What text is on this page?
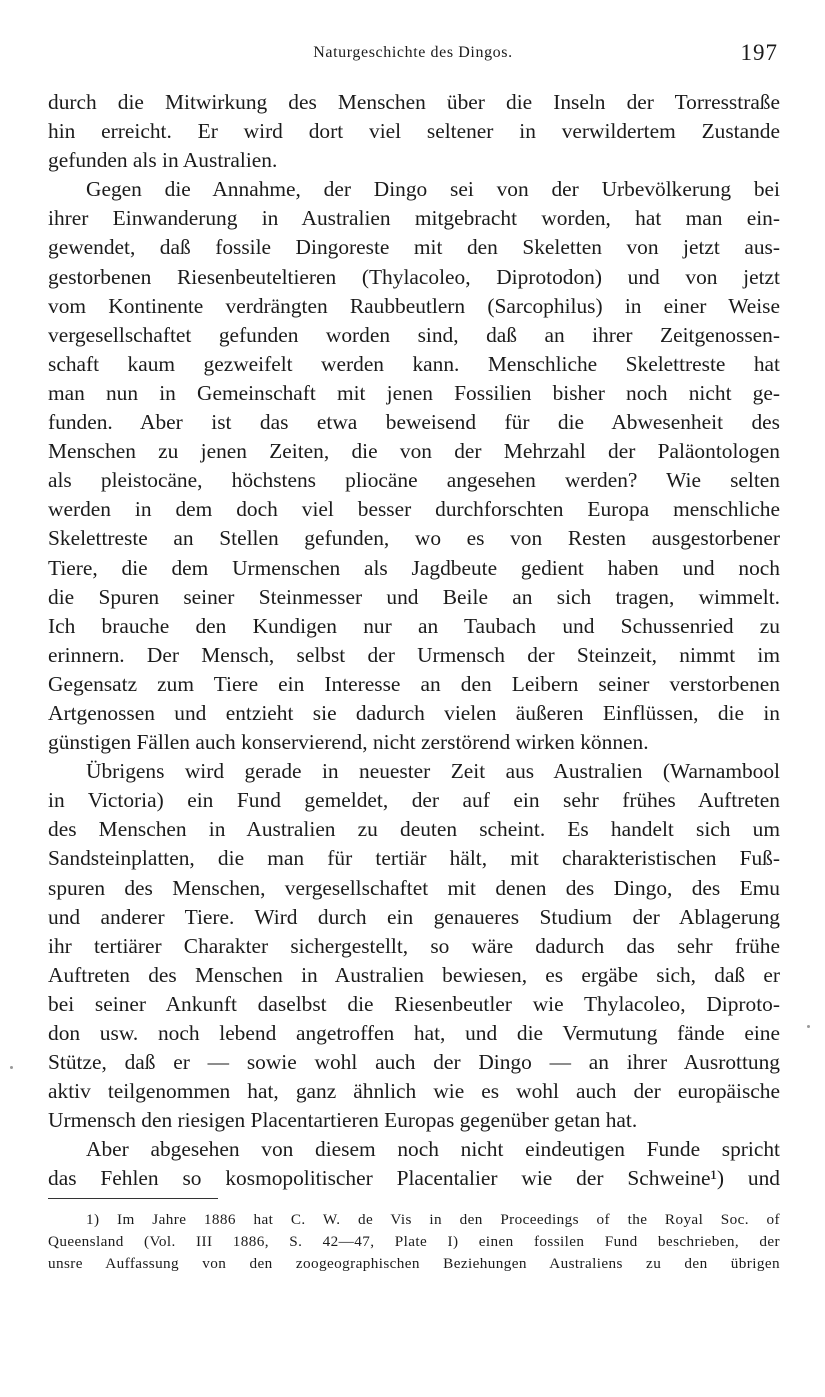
Naturgeschichte des Dingos.	197
durch die Mitwirkung des Menschen über die Inseln der Torresstraße
hin erreicht. Er wird dort viel seltener in verwildertem Zustande
gefunden als in Australien.
Gegen die Annahme, der Dingo sei von der Urbevölkerung bei
ihrer Einwanderung in Australien mitgebracht worden, hat man ein-
gewendet, daß fossile Dingoreste mit den Skeletten von jetzt aus-
gestorbenen Riesenbeuteltieren (Thylacoleo, Diprotodon) und von jetzt
vom Kontinente verdrängten Raubbeutlern (Sarcophilus) in einer Weise
vergesellschaftet gefunden worden sind, daß an ihrer Zeitgenossen-
schaft kaum gezweifelt werden kann. Menschliche Skelettreste hat
man nun in Gemeinschaft mit jenen Fossilien bisher noch nicht ge-
funden. Aber ist das etwa beweisend für die Abwesenheit des
Menschen zu jenen Zeiten, die von der Mehrzahl der Paläontologen
als pleistocäne, höchstens pliocäne angesehen werden? Wie selten
werden in dem doch viel besser durchforschten Europa menschliche
Skelettreste an Stellen gefunden, wo es von Resten ausgestorbener
Tiere, die dem Urmenschen als Jagdbeute gedient haben und noch
die Spuren seiner Steinmesser und Beile an sich tragen, wimmelt.
Ich brauche den Kundigen nur an Taubach und Schussenried zu
erinnern. Der Mensch, selbst der Urmensch der Steinzeit, nimmt im
Gegensatz zum Tiere ein Interesse an den Leibern seiner verstorbenen
Artgenossen und entzieht sie dadurch vielen äußeren Einflüssen, die in
günstigen Fällen auch konservierend, nicht zerstörend wirken können.
Übrigens wird gerade in neuester Zeit aus Australien (Warnambool
in Victoria) ein Fund gemeldet, der auf ein sehr frühes Auftreten
des Menschen in Australien zu deuten scheint. Es handelt sich um
Sandsteinplatten, die man für tertiär hält, mit charakteristischen Fuß-
spuren des Menschen, vergesellschaftet mit denen des Dingo, des Emu
und anderer Tiere. Wird durch ein genaueres Studium der Ablagerung
ihr tertiärer Charakter sichergestellt, so wäre dadurch das sehr frühe
Auftreten des Menschen in Australien bewiesen, es ergäbe sich, daß er
bei seiner Ankunft daselbst die Riesenbeutler wie Thylacoleo, Diproto-
don usw. noch lebend angetroffen hat, und die Vermutung fände eine
Stütze, daß er — sowie wohl auch der Dingo — an ihrer Ausrottung
aktiv teilgenommen hat, ganz ähnlich wie es wohl auch der europäische
Urmensch den riesigen Placentartieren Europas gegenüber getan hat.
Aber abgesehen von diesem noch nicht eindeutigen Funde spricht
das Fehlen so kosmopolitischer Placentalier wie der Schweine¹) und
1) Im Jahre 1886 hat C. W. de Vis in den Proceedings of the Royal Soc. of
Queensland (Vol. III 1886, S. 42—47, Plate I) einen fossilen Fund beschrieben, der
unsre Auffassung von den zoogeographischen Beziehungen Australiens zu den übrigen
